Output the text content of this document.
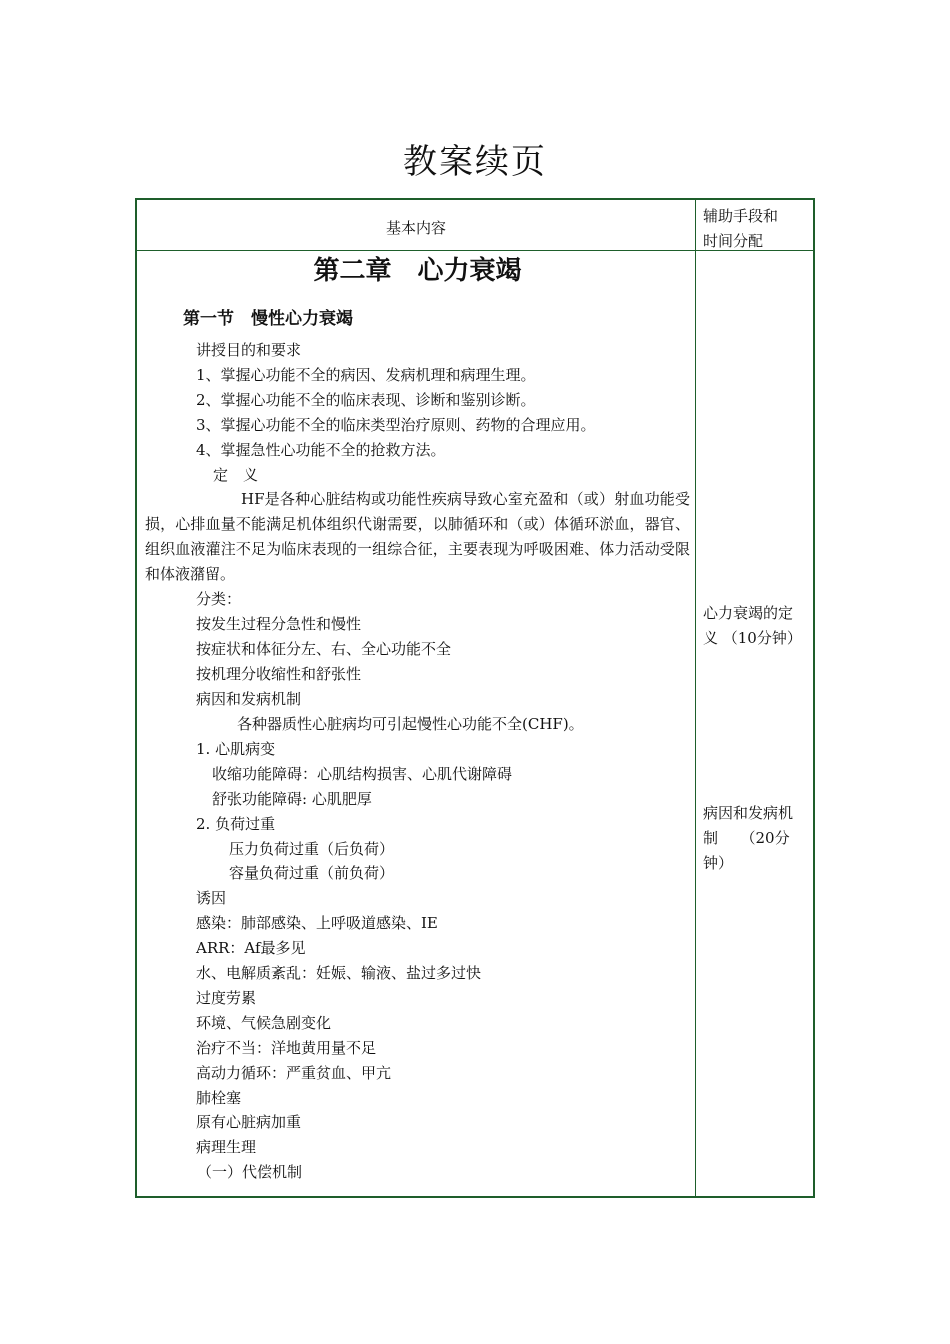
教案续页
基本内容
辅助手段和
时间分配
第二章　心力衰竭
第一节　慢性心力衰竭
讲授目的和要求
1、掌握心功能不全的病因、发病机理和病理生理。
2、掌握心功能不全的临床表现、诊断和鉴别诊断。
3、掌握心功能不全的临床类型治疗原则、药物的合理应用。
4、掌握急性心功能不全的抢救方法。
定　义

HF是各种心脏结构或功能性疾病导致心室充盈和（或）射血功能受损，心排血量不能满足机体组织代谢需要，以肺循环和（或）体循环淤血，器官、组织血液灌注不足为临床表现的一组综合征，主要表现为呼吸困难、体力活动受限和体液潴留。

分类：
按发生过程分急性和慢性
按症状和体征分左、右、全心功能不全
按机理分收缩性和舒张性
病因和发病机制
各种器质性心脏病均可引起慢性心功能不全(CHF)。
1. 心肌病变
收缩功能障碍：心肌结构损害、心肌代谢障碍
舒张功能障碍: 心肌肥厚
2. 负荷过重
压力负荷过重（后负荷）
容量负荷过重（前负荷）
诱因
感染：肺部感染、上呼吸道感染、IE
ARR：Af最多见
水、电解质紊乱：妊娠、输液、盐过多过快
过度劳累
环境、气候急剧变化
治疗不当：洋地黄用量不足
高动力循环：严重贫血、甲亢
肺栓塞
原有心脏病加重
病理生理
（一）代偿机制
心力衰竭的定
义 （10分钟）
病因和发病机
制　　（20分
钟）
